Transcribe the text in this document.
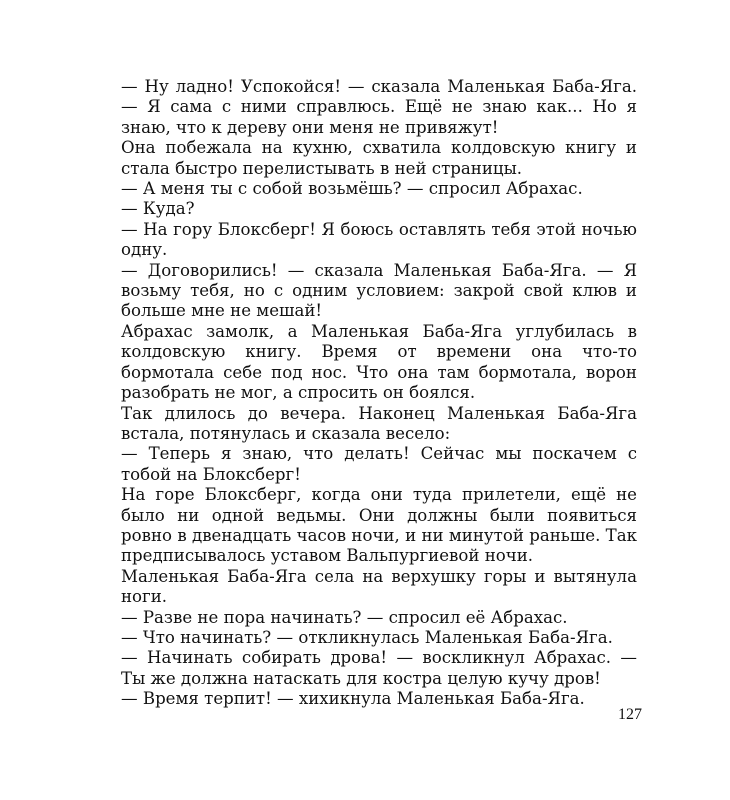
— Ну ладно! Успокойся! — сказала Маленькая Баба-Яга. — Я сама с ними справлюсь. Ещё не знаю как... Но я знаю, что к дереву они меня не привяжут!

Она побежала на кухню, схватила колдовскую книгу и стала быстро перелистывать в ней страницы.

— А меня ты с собой возьмёшь? — спросил Абрахас.

— Куда?

— На гору Блоксберг! Я боюсь оставлять тебя этой ночью одну.

— Договорились! — сказала Маленькая Баба-Яга. — Я возьму тебя, но с одним условием: закрой свой клюв и больше мне не мешай!

Абрахас замолк, а Маленькая Баба-Яга углубилась в колдовскую книгу. Время от времени она что-то бормотала себе под нос. Что она там бормотала, ворон разобрать не мог, а спросить он боялся.

Так длилось до вечера. Наконец Маленькая Баба-Яга встала, потянулась и сказала весело:

— Теперь я знаю, что делать! Сейчас мы поскачем с тобой на Блоксберг!

На горе Блоксберг, когда они туда прилетели, ещё не было ни одной ведьмы. Они должны были появиться ровно в двенадцать часов ночи, и ни минутой раньше. Так предписывалось уставом Вальпургиевой ночи.

Маленькая Баба-Яга села на верхушку горы и вытянула ноги.

— Разве не пора начинать? — спросил её Абрахас.

— Что начинать? — откликнулась Маленькая Баба-Яга.

— Начинать собирать дрова! — воскликнул Абрахас. — Ты же должна натаскать для костра целую кучу дров!

— Время терпит! — хихикнула Маленькая Баба-Яга.

127
